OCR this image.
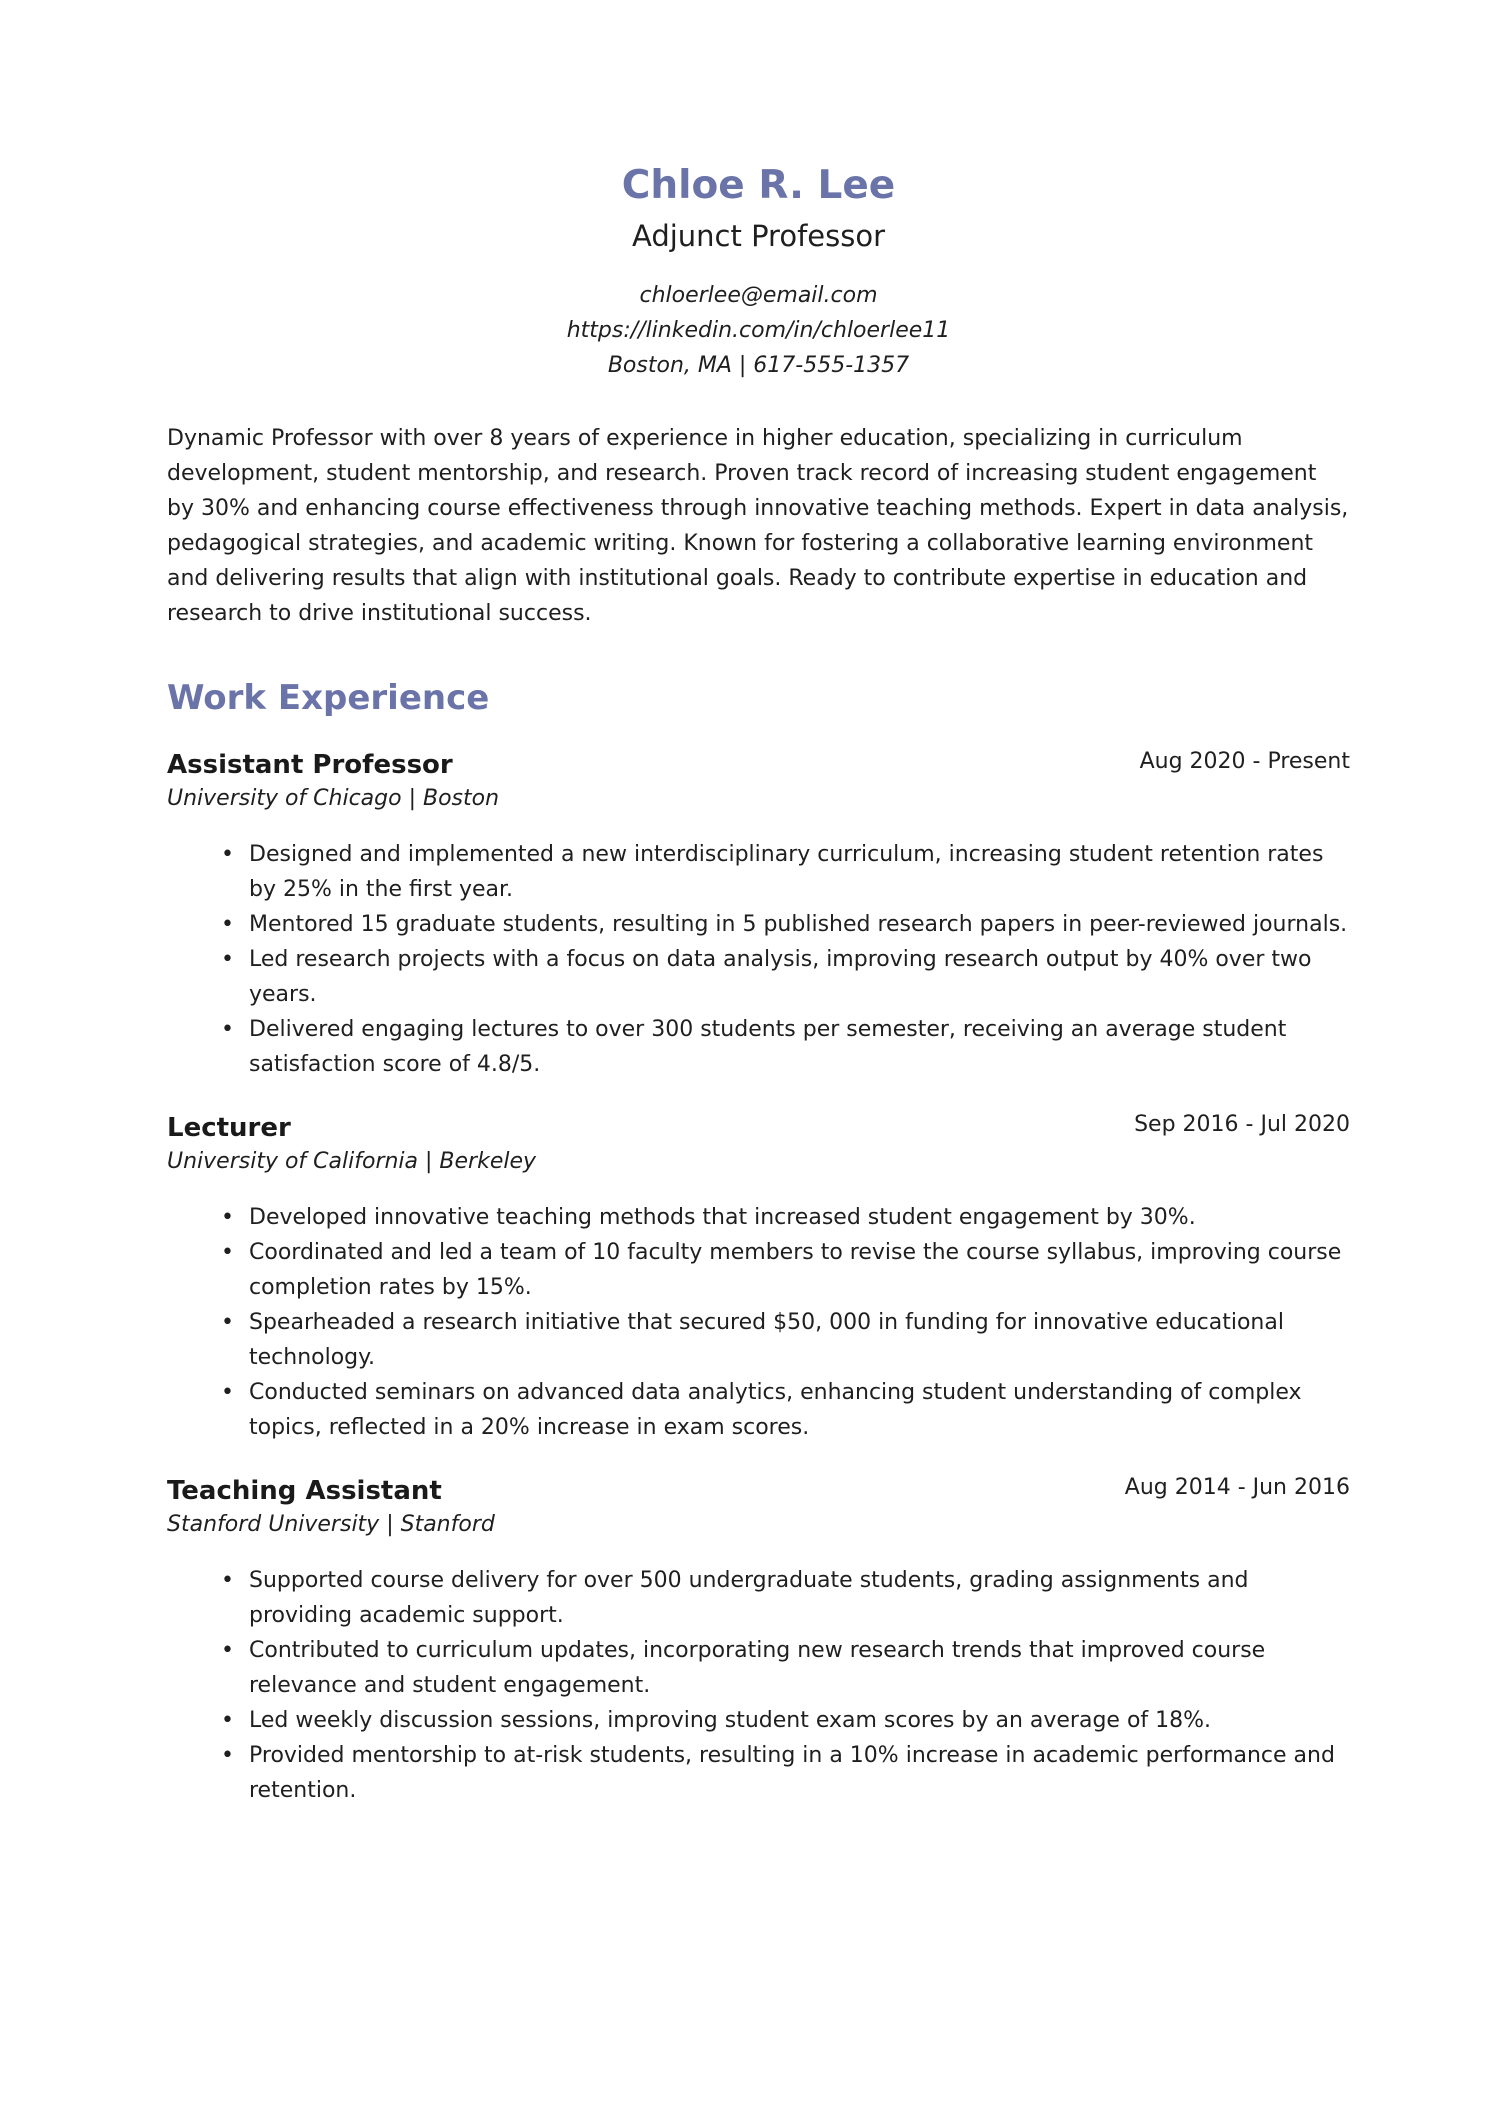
Chloe R. Lee
Adjunct Professor
chloerlee@email.com
https://linkedin.com/in/chloerlee11
Boston, MA | 617-555-1357

Dynamic Professor with over 8 years of experience in higher education, specializing in curriculum development, student mentorship, and research. Proven track record of increasing student engagement by 30% and enhancing course effectiveness through innovative teaching methods. Expert in data analysis, pedagogical strategies, and academic writing. Known for fostering a collaborative learning environment and delivering results that align with institutional goals. Ready to contribute expertise in education and research to drive institutional success.

Work Experience
Assistant Professor	Aug 2020 - Present
University of Chicago | Boston
• Designed and implemented a new interdisciplinary curriculum, increasing student retention rates by 25% in the first year.
• Mentored 15 graduate students, resulting in 5 published research papers in peer-reviewed journals.
• Led research projects with a focus on data analysis, improving research output by 40% over two years.
• Delivered engaging lectures to over 300 students per semester, receiving an average student satisfaction score of 4.8/5.
Lecturer	Sep 2016 - Jul 2020
University of California | Berkeley
• Developed innovative teaching methods that increased student engagement by 30%.
• Coordinated and led a team of 10 faculty members to revise the course syllabus, improving course completion rates by 15%.
• Spearheaded a research initiative that secured $50, 000 in funding for innovative educational technology.
• Conducted seminars on advanced data analytics, enhancing student understanding of complex topics, reflected in a 20% increase in exam scores.
Teaching Assistant	Aug 2014 - Jun 2016
Stanford University | Stanford
• Supported course delivery for over 500 undergraduate students, grading assignments and providing academic support.
• Contributed to curriculum updates, incorporating new research trends that improved course relevance and student engagement.
• Led weekly discussion sessions, improving student exam scores by an average of 18%.
• Provided mentorship to at-risk students, resulting in a 10% increase in academic performance and retention.
